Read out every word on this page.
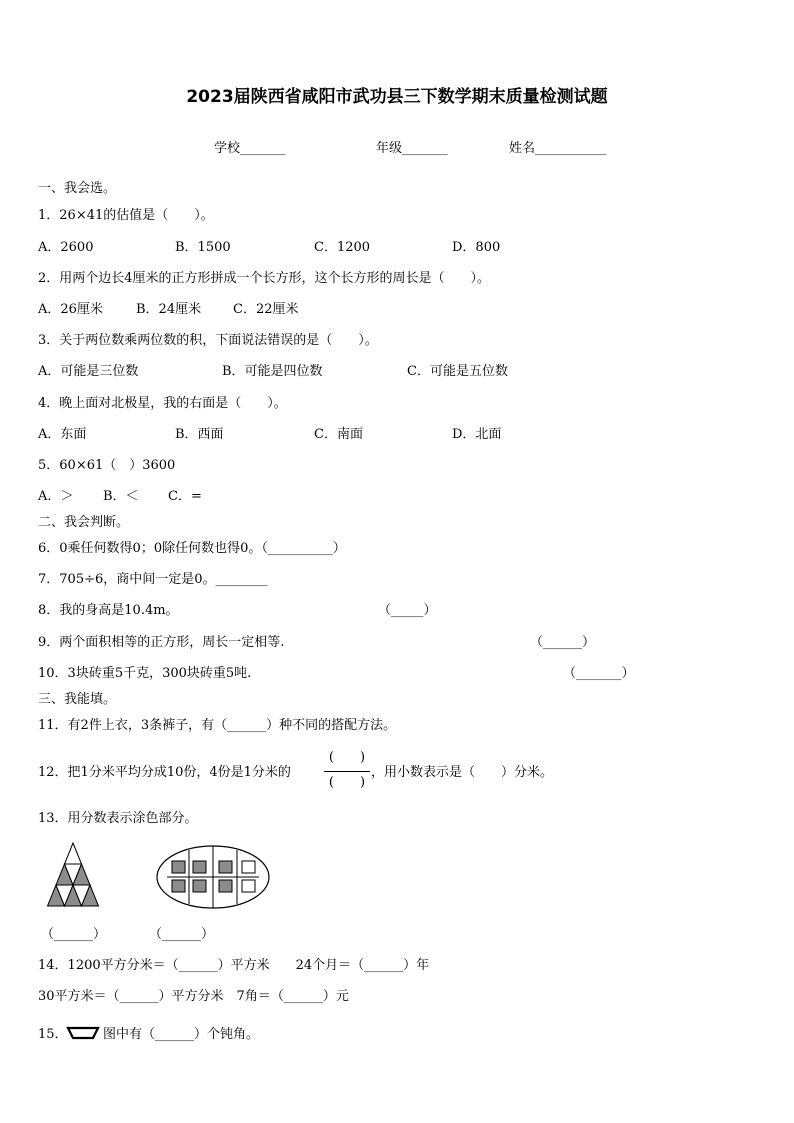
2023届陕西省咸阳市武功县三下数学期末质量检测试题
学校_______	年级_______	姓名___________
一、我会选。
1．26×41的估值是（　　）。
A．2600	B．1500	C．1200	D．800
2．用两个边长4厘米的正方形拼成一个长方形，这个长方形的周长是（　　）。
A．26厘米	B．24厘米 C．22厘米
3．关于两位数乘两位数的积，下面说法错误的是（　　）。
A．可能是三位数	B．可能是四位数	C．可能是五位数
4．晚上面对北极星，我的右面是（　　）。
A．东面	B．西面	C．南面	D．北面
5．60×61（　）3600
A．＞ B．＜ C．=
二、我会判断。
6．0乘任何数得0；0除任何数也得0。（__________）
7．705÷6，商中间一定是0。________
8．我的身高是10.4m。	（_____）
9．两个面积相等的正方形，周长一定相等.	（______）
10．3块砖重5千克，300块砖重5吨.	（_______）
三、我能填。
11．有2件上衣，3条裤子，有（______）种不同的搭配方法。
12．把1分米平均分成10份，4份是1分米的
(　　)
(　　)
，用小数表示是（　　）分米。
13．用分数表示涂色部分。
（______）	（______）
14．1200平方分米＝（______）平方米　　24个月＝（______）年
30平方米＝（______）平方分米　7角＝（______）元
15．	图中有（______）个钝角。
